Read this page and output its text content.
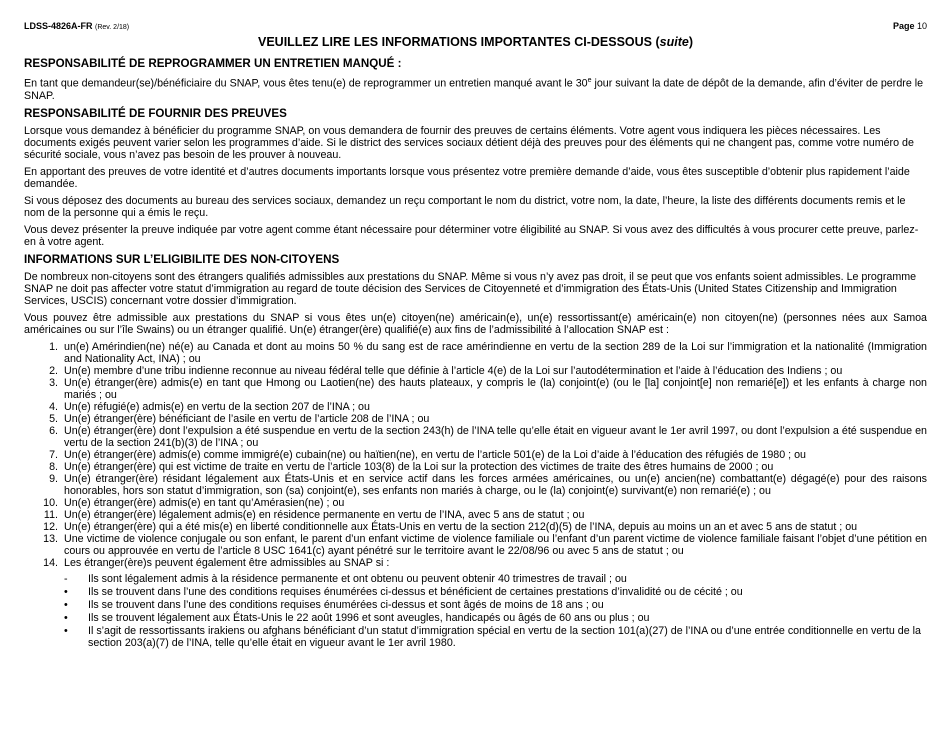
LDSS-4826A-FR (Rev. 2/18)	Page 10
VEUILLEZ LIRE LES INFORMATIONS IMPORTANTES CI-DESSOUS (suite)
RESPONSABILITÉ DE REPROGRAMMER UN ENTRETIEN MANQUÉ :

En tant que demandeur(se)/bénéficiaire du SNAP, vous êtes tenu(e) de reprogrammer un entretien manqué avant le 30e jour suivant la date de dépôt de la demande, afin d’éviter de perdre le SNAP.

RESPONSABILITÉ DE FOURNIR DES PREUVES

Lorsque vous demandez à bénéficier du programme SNAP, on vous demandera de fournir des preuves de certains éléments. Votre agent vous indiquera les pièces nécessaires. Les documents exigés peuvent varier selon les programmes d’aide. Si le district des services sociaux détient déjà des preuves pour des éléments qui ne changent pas, comme votre numéro de sécurité sociale, vous n’avez pas besoin de les prouver à nouveau.

En apportant des preuves de votre identité et d’autres documents importants lorsque vous présentez votre première demande d’aide, vous êtes susceptible d’obtenir plus rapidement l’aide demandée.

Si vous déposez des documents au bureau des services sociaux, demandez un reçu comportant le nom du district, votre nom, la date, l’heure, la liste des différents documents remis et le nom de la personne qui a émis le reçu.

Vous devez présenter la preuve indiquée par votre agent comme étant nécessaire pour déterminer votre éligibilité au SNAP. Si vous avez des difficultés à vous procurer cette preuve, parlez-en à votre agent.

INFORMATIONS SUR L’ELIGIBILITE DES NON-CITOYENS

De nombreux non-citoyens sont des étrangers qualifiés admissibles aux prestations du SNAP. Même si vous n’y avez pas droit, il se peut que vos enfants soient admissibles. Le programme SNAP ne doit pas affecter votre statut d’immigration au regard de toute décision des Services de Citoyenneté et d’immigration des États-Unis (United States Citizenship and Immigration Services, USCIS) concernant votre dossier d’immigration.

Vous pouvez être admissible aux prestations du SNAP si vous êtes un(e) citoyen(ne) américain(e), un(e) ressortissant(e) américain(e) non citoyen(ne) (personnes nées aux Samoa américaines ou sur l’île Swains) ou un étranger qualifié. Un(e) étranger(ère) qualifié(e) aux fins de l’admissibilité à l’allocation SNAP est :

1. un(e) Amérindien(ne) né(e) au Canada et dont au moins 50 % du sang est de race amérindienne en vertu de la section 289 de la Loi sur l’immigration et la nationalité (Immigration and Nationality Act, INA) ; ou
2. Un(e) membre d’une tribu indienne reconnue au niveau fédéral telle que définie à l’article 4(e) de la Loi sur l’autodétermination et l’aide à l’éducation des Indiens ; ou
3. Un(e) étranger(ère) admis(e) en tant que Hmong ou Laotien(ne) des hauts plateaux, y compris le (la) conjoint(e) (ou le [la] conjoint[e] non remarié[e]) et les enfants à charge non mariés ; ou
4. Un(e) réfugié(e) admis(e) en vertu de la section 207 de l’INA ; ou
5. Un(e) étranger(ère) bénéficiant de l’asile en vertu de l’article 208 de l’INA ; ou
6. Un(e) étranger(ère) dont l’expulsion a été suspendue en vertu de la section 243(h) de l’INA telle qu’elle était en vigueur avant le 1er avril 1997, ou dont l’expulsion a été suspendue en vertu de la section 241(b)(3) de l’INA ; ou
7. Un(e) étranger(ère) admis(e) comme immigré(e) cubain(ne) ou haïtien(ne), en vertu de l’article 501(e) de la Loi d’aide à l’éducation des réfugiés de 1980 ; ou
8. Un(e) étranger(ère) qui est victime de traite en vertu de l’article 103(8) de la Loi sur la protection des victimes de traite des êtres humains de 2000 ; ou
9. Un(e) étranger(ère) résidant légalement aux États-Unis et en service actif dans les forces armées américaines, ou un(e) ancien(ne) combattant(e) dégagé(e) pour des raisons honorables, hors son statut d’immigration, son (sa) conjoint(e), ses enfants non mariés à charge, ou le (la) conjoint(e) survivant(e) non remarié(e) ; ou
10. Un(e) étranger(ère) admis(e) en tant qu’Amérasien(ne) ; ou
11. Un(e) étranger(ère) légalement admis(e) en résidence permanente en vertu de l’INA, avec 5 ans de statut ; ou
12. Un(e) étranger(ère) qui a été mis(e) en liberté conditionnelle aux États-Unis en vertu de la section 212(d)(5) de l’INA, depuis au moins un an et avec 5 ans de statut ; ou
13. Une victime de violence conjugale ou son enfant, le parent d’un enfant victime de violence familiale ou l’enfant d’un parent victime de violence familiale faisant l’objet d’une pétition en cours ou approuvée en vertu de l’article 8 USC 1641(c) ayant pénétré sur le territoire avant le 22/08/96 ou avec 5 ans de statut ; ou
14. Les étranger(ère)s peuvent également être admissibles au SNAP si :
-	Ils sont légalement admis à la résidence permanente et ont obtenu ou peuvent obtenir 40 trimestres de travail ; ou
•	Ils se trouvent dans l’une des conditions requises énumérées ci-dessus et bénéficient de certaines prestations d’invalidité ou de cécité ; ou
•	Ils se trouvent dans l’une des conditions requises énumérées ci-dessus et sont âgés de moins de 18 ans ; ou
•	Ils se trouvent légalement aux États-Unis le 22 août 1996 et sont aveugles, handicapés ou âgés de 60 ans ou plus ; ou
•	Il s’agit de ressortissants irakiens ou afghans bénéficiant d’un statut d’immigration spécial en vertu de la section 101(a)(27) de l’INA ou d’une entrée conditionnelle en vertu de la section 203(a)(7) de l’INA, telle qu’elle était en vigueur avant le 1er avril 1980.
